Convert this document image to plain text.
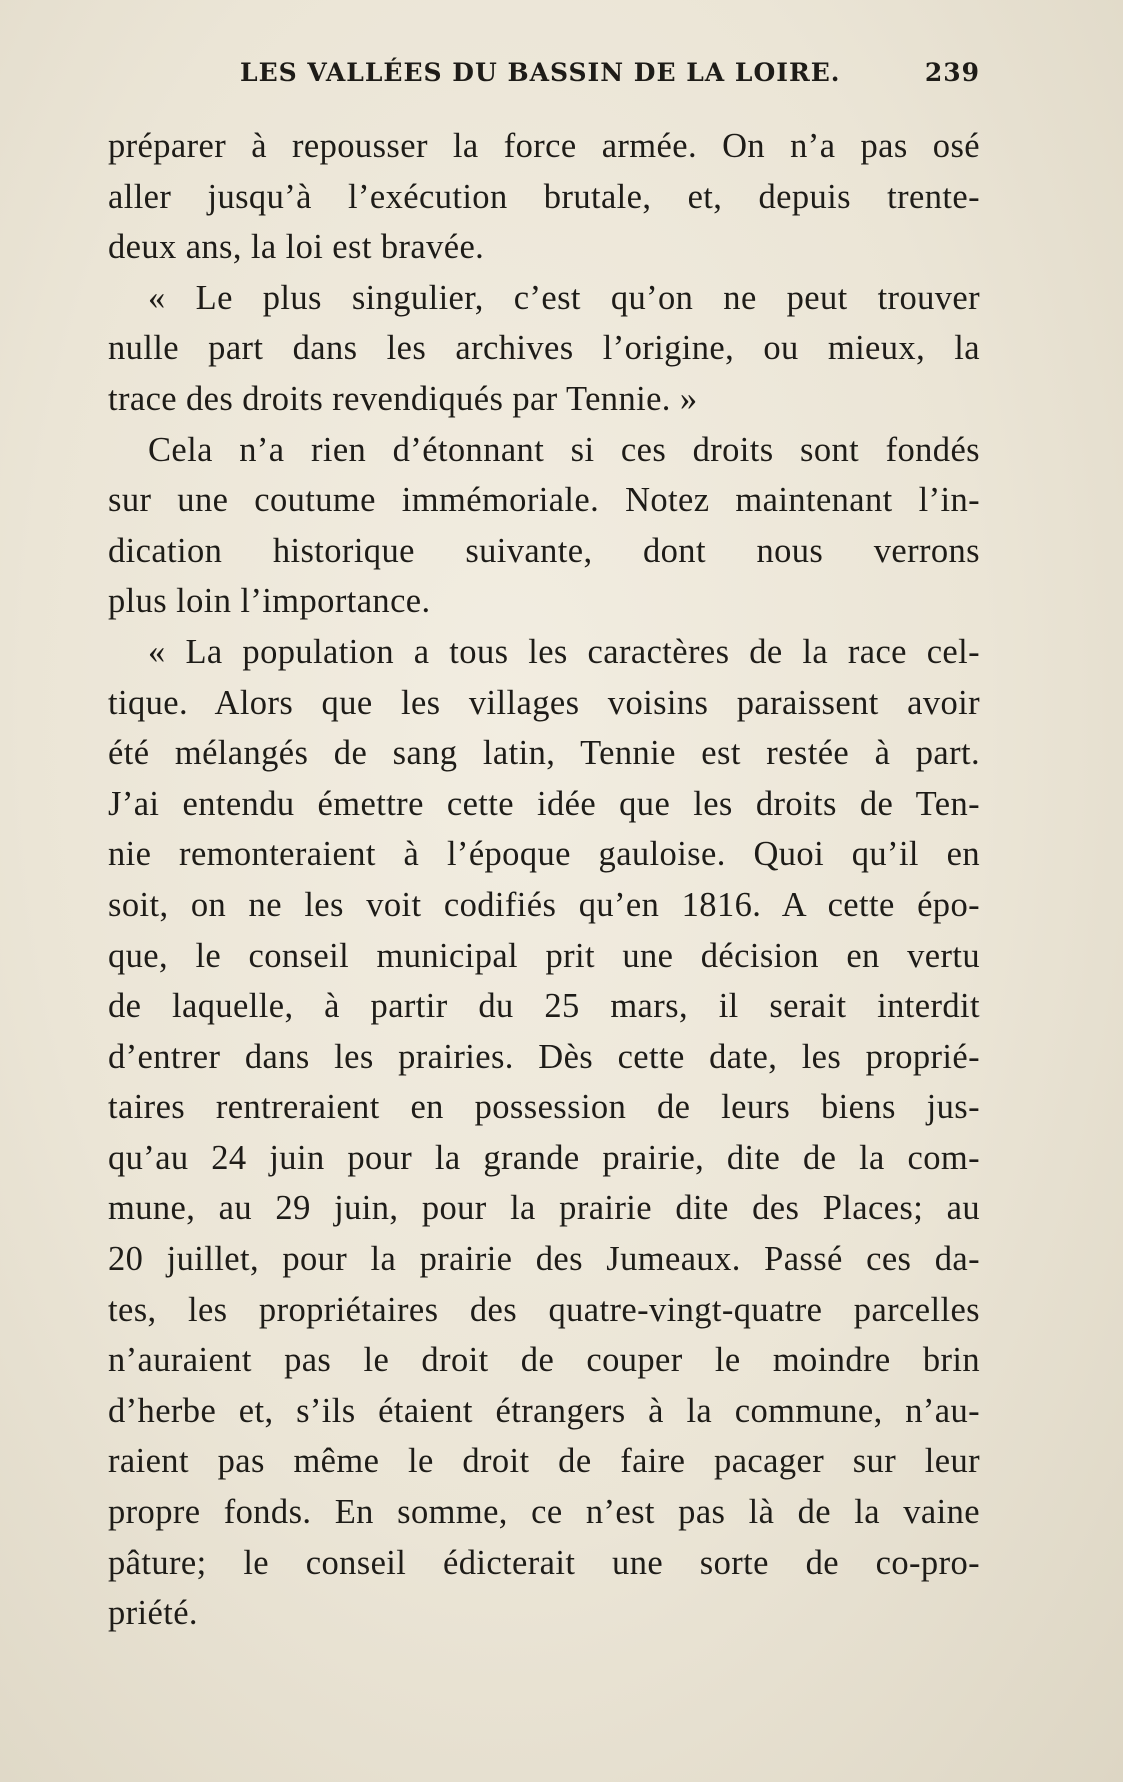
LES VALLÉES DU BASSIN DE LA LOIRE.	239
préparer à repousser la force armée. On n’a pas osé
aller jusqu’à l’exécution brutale, et, depuis trente-
deux ans, la loi est bravée.
« Le plus singulier, c’est qu’on ne peut trouver
nulle part dans les archives l’origine, ou mieux, la
trace des droits revendiqués par Tennie. »
Cela n’a rien d’étonnant si ces droits sont fondés
sur une coutume immémoriale. Notez maintenant l’in-
dication historique suivante, dont nous verrons
plus loin l’importance.
« La population a tous les caractères de la race cel-
tique. Alors que les villages voisins paraissent avoir
été mélangés de sang latin, Tennie est restée à part.
J’ai entendu émettre cette idée que les droits de Ten-
nie remonteraient à l’époque gauloise. Quoi qu’il en
soit, on ne les voit codifiés qu’en 1816. A cette épo-
que, le conseil municipal prit une décision en vertu
de laquelle, à partir du 25 mars, il serait interdit
d’entrer dans les prairies. Dès cette date, les proprié-
taires rentreraient en possession de leurs biens jus-
qu’au 24 juin pour la grande prairie, dite de la com-
mune, au 29 juin, pour la prairie dite des Places; au
20 juillet, pour la prairie des Jumeaux. Passé ces da-
tes, les propriétaires des quatre-vingt-quatre parcelles
n’auraient pas le droit de couper le moindre brin
d’herbe et, s’ils étaient étrangers à la commune, n’au-
raient pas même le droit de faire pacager sur leur
propre fonds. En somme, ce n’est pas là de la vaine
pâture; le conseil édicterait une sorte de co-pro-
priété.
